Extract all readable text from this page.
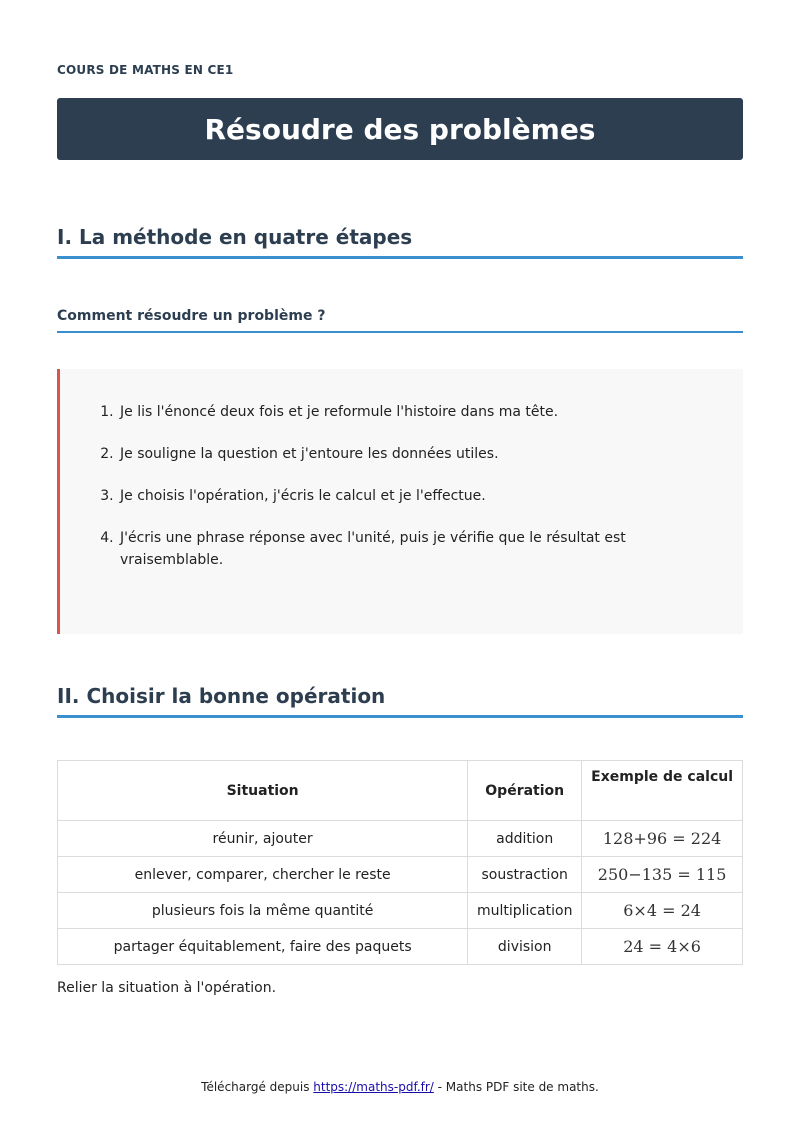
COURS DE MATHS EN CE1
Résoudre des problèmes
I. La méthode en quatre étapes
Comment résoudre un problème ?
1. Je lis l'énoncé deux fois et je reformule l'histoire dans ma tête.
2. Je souligne la question et j'entoure les données utiles.
3. Je choisis l'opération, j'écris le calcul et je l'effectue.
4. J'écris une phrase réponse avec l'unité, puis je vérifie que le résultat est vraisemblable.
II. Choisir la bonne opération
Situation	Opération	Exemple de calcul
réunir, ajouter	addition	128+96 = 224
enlever, comparer, chercher le reste	soustraction	250−135 = 115
plusieurs fois la même quantité	multiplication	6×4 = 24
partager équitablement, faire des paquets	division	24 = 4×6

Relier la situation à l'opération.

Téléchargé depuis https://maths-pdf.fr/ - Maths PDF site de maths.
